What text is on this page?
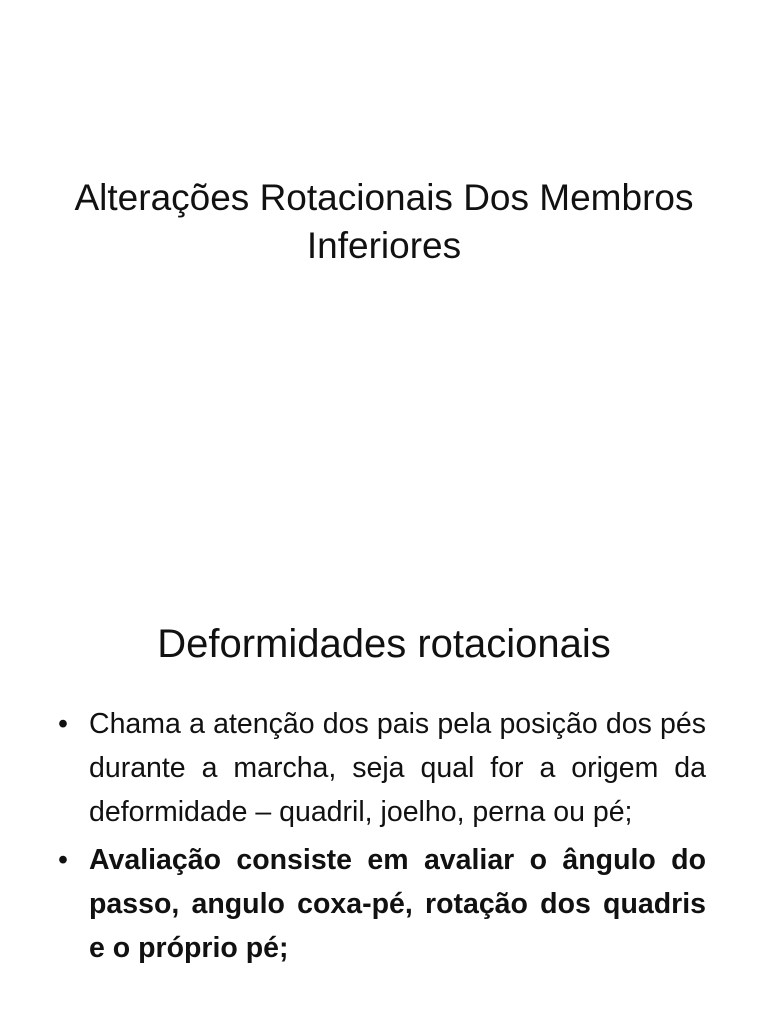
Alterações Rotacionais Dos Membros Inferiores
Deformidades rotacionais
• Chama a atenção dos pais pela posição dos pés durante a marcha, seja qual for a origem da deformidade – quadril, joelho, perna ou pé;
• Avaliação consiste em avaliar o ângulo do passo, angulo coxa-pé, rotação dos quadris e o próprio pé;
